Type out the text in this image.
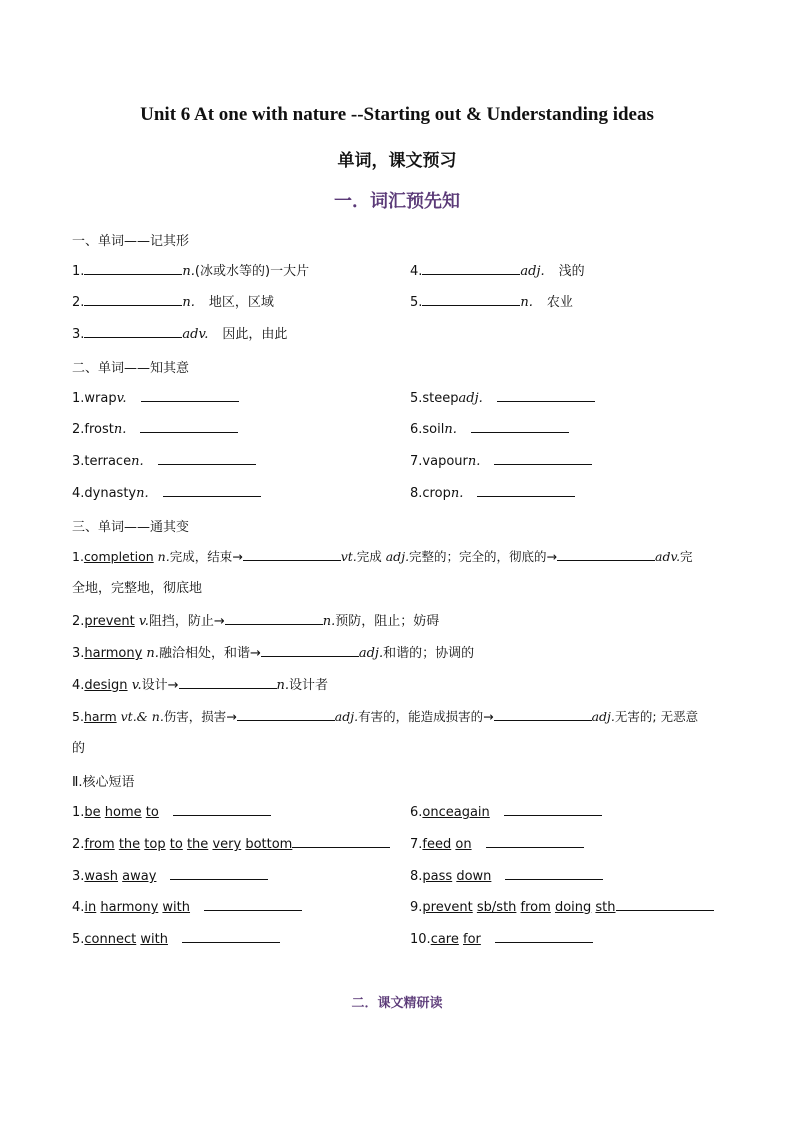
Unit 6 At one with nature --Starting out & Understanding ideas
单词，课文预习
一．词汇预先知
一、单词——记其形
1.	n.(冰或水等的)一大片	4.	adj. 浅的
2.	n. 地区，区域	5.	n. 农业
3.	adv. 因此，由此
二、单词——知其意
1.wrapv.	5.steepadj.
2.frostn.	6.soiln.
3.terracen.	7.vapourn.
4.dynastyn.	8.cropn.
三、单词——通其变
1.completion n.完成，结束→	vt.完成 adj.完整的；完全的，彻底的→	adv.完
全地，完整地，彻底地
2.prevent v.阻挡，防止→	n.预防，阻止；妨碍
3.harmony n.融洽相处，和谐→	adj.和谐的；协调的
4.design v.设计→	n.设计者
5.harm vt.& n.伤害，损害→	adj.有害的，能造成损害的→	adj.无害的; 无恶意
的
Ⅱ.核心短语
1.be home to	6.onceagain
2.from the top to the very bottom	7.feed on
3.wash away	8.pass down
4.in harmony with	9.prevent sb/sth from doing sth
5.connect with	10.care for
二．课文精研读
